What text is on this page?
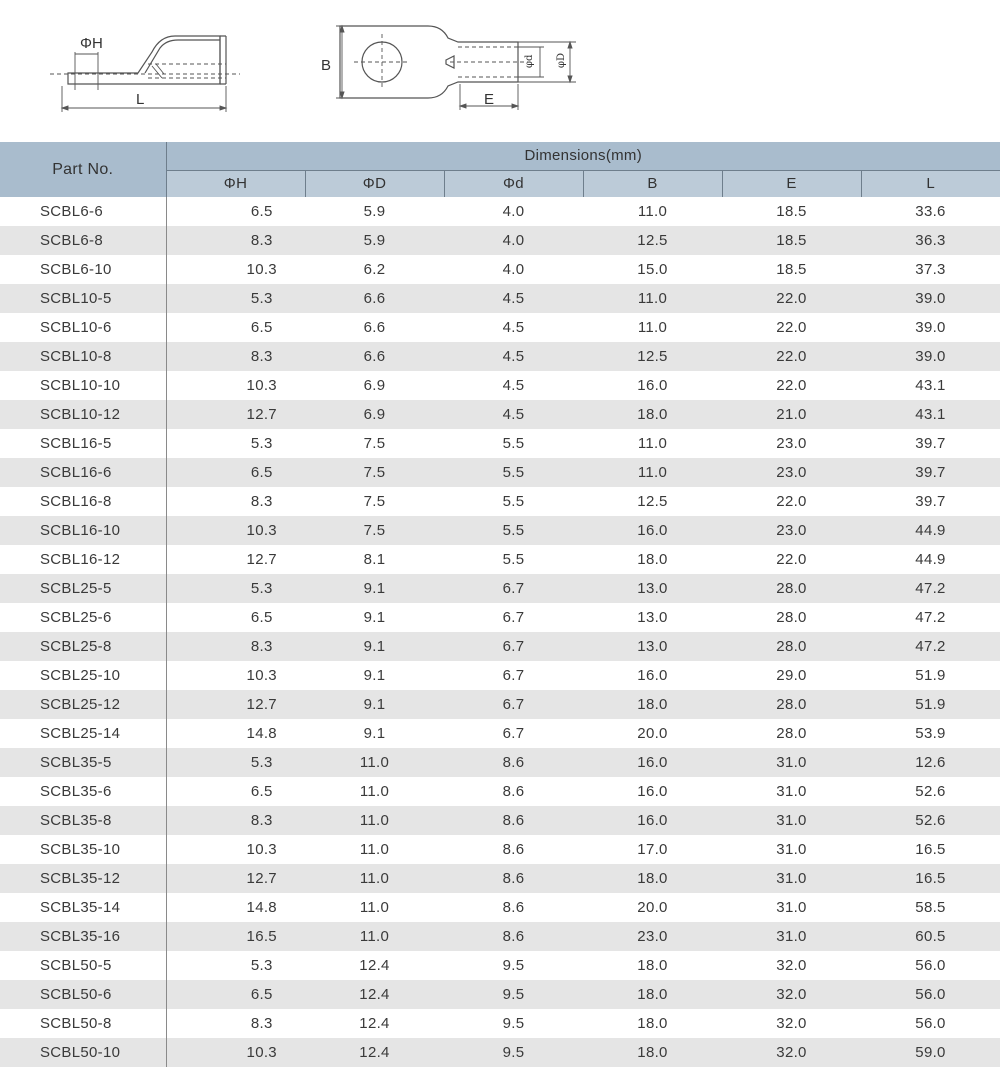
ΦH
L
B
E
φd φD
Part No.	Dimensions(mm)					
	ΦH	ΦD	Φd	B	E	L
SCBL6-6	6.5	5.9	4.0	11.0	18.5	33.6
SCBL6-8	8.3	5.9	4.0	12.5	18.5	36.3
SCBL6-10	10.3	6.2	4.0	15.0	18.5	37.3
SCBL10-5	5.3	6.6	4.5	11.0	22.0	39.0
SCBL10-6	6.5	6.6	4.5	11.0	22.0	39.0
SCBL10-8	8.3	6.6	4.5	12.5	22.0	39.0
SCBL10-10	10.3	6.9	4.5	16.0	22.0	43.1
SCBL10-12	12.7	6.9	4.5	18.0	21.0	43.1
SCBL16-5	5.3	7.5	5.5	11.0	23.0	39.7
SCBL16-6	6.5	7.5	5.5	11.0	23.0	39.7
SCBL16-8	8.3	7.5	5.5	12.5	22.0	39.7
SCBL16-10	10.3	7.5	5.5	16.0	23.0	44.9
SCBL16-12	12.7	8.1	5.5	18.0	22.0	44.9
SCBL25-5	5.3	9.1	6.7	13.0	28.0	47.2
SCBL25-6	6.5	9.1	6.7	13.0	28.0	47.2
SCBL25-8	8.3	9.1	6.7	13.0	28.0	47.2
SCBL25-10	10.3	9.1	6.7	16.0	29.0	51.9
SCBL25-12	12.7	9.1	6.7	18.0	28.0	51.9
SCBL25-14	14.8	9.1	6.7	20.0	28.0	53.9
SCBL35-5	5.3	11.0	8.6	16.0	31.0	12.6
SCBL35-6	6.5	11.0	8.6	16.0	31.0	52.6
SCBL35-8	8.3	11.0	8.6	16.0	31.0	52.6
SCBL35-10	10.3	11.0	8.6	17.0	31.0	16.5
SCBL35-12	12.7	11.0	8.6	18.0	31.0	16.5
SCBL35-14	14.8	11.0	8.6	20.0	31.0	58.5
SCBL35-16	16.5	11.0	8.6	23.0	31.0	60.5
SCBL50-5	5.3	12.4	9.5	18.0	32.0	56.0
SCBL50-6	6.5	12.4	9.5	18.0	32.0	56.0
SCBL50-8	8.3	12.4	9.5	18.0	32.0	56.0
SCBL50-10	10.3	12.4	9.5	18.0	32.0	59.0
